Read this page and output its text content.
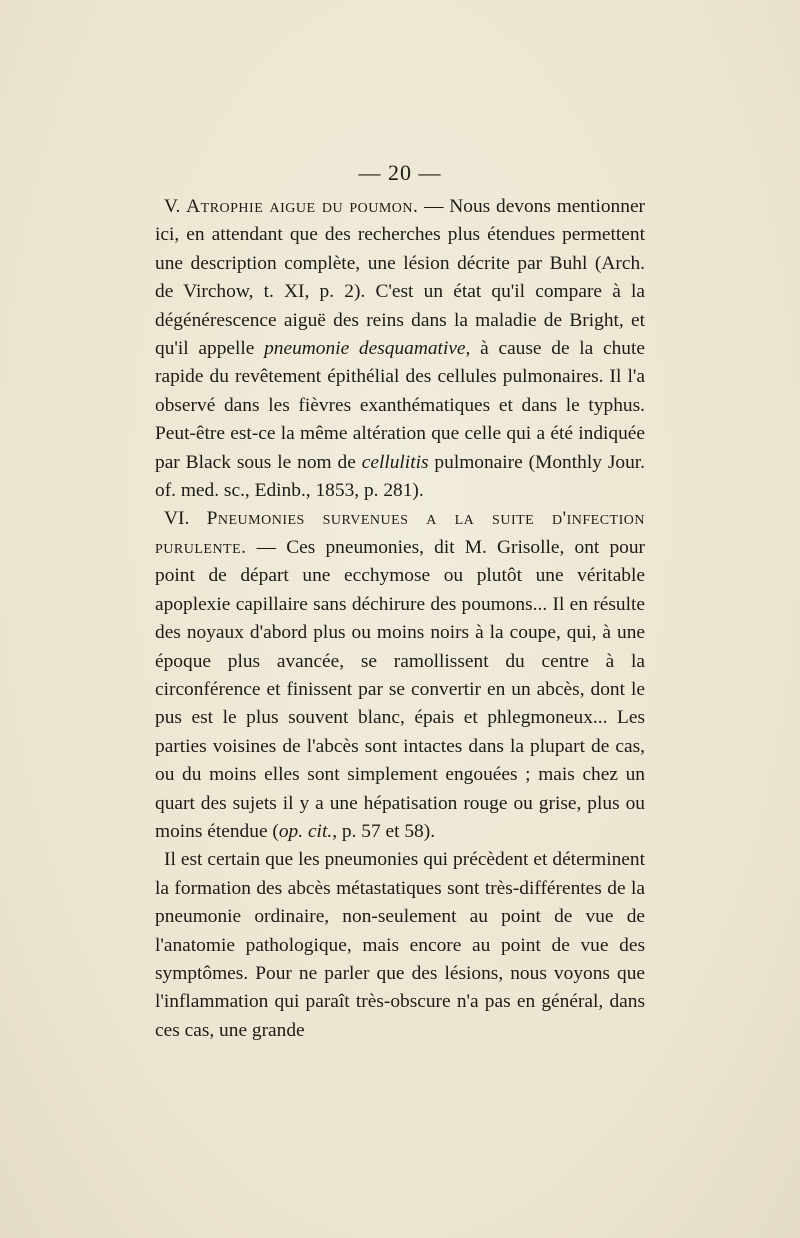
— 20 —

V. Atrophie aigue du poumon. — Nous devons mentionner ici, en attendant que des recherches plus étendues permettent une description complète, une lésion décrite par Buhl (Arch. de Virchow, t. XI, p. 2). C'est un état qu'il compare à la dégénérescence aiguë des reins dans la maladie de Bright, et qu'il appelle pneumonie desquamative, à cause de la chute rapide du revêtement épithélial des cellules pulmonaires. Il l'a observé dans les fièvres exanthématiques et dans le typhus. Peut-être est-ce la même altération que celle qui a été indiquée par Black sous le nom de cellulitis pulmonaire (Monthly Jour. of. med. sc., Edinb., 1853, p. 281).

VI. Pneumonies survenues a la suite d'infection purulente. — Ces pneumonies, dit M. Grisolle, ont pour point de départ une ecchymose ou plutôt une véritable apoplexie capillaire sans déchirure des poumons... Il en résulte des noyaux d'abord plus ou moins noirs à la coupe, qui, à une époque plus avancée, se ramollissent du centre à la circonférence et finissent par se convertir en un abcès, dont le pus est le plus souvent blanc, épais et phlegmoneux... Les parties voisines de l'abcès sont intactes dans la plupart de cas, ou du moins elles sont simplement engouées ; mais chez un quart des sujets il y a une hépatisation rouge ou grise, plus ou moins étendue (op. cit., p. 57 et 58).

Il est certain que les pneumonies qui précèdent et déterminent la formation des abcès métastatiques sont très-différentes de la pneumonie ordinaire, non-seulement au point de vue de l'anatomie pathologique, mais encore au point de vue des symptômes. Pour ne parler que des lésions, nous voyons que l'inflammation qui paraît très-obscure n'a pas en général, dans ces cas, une grande
